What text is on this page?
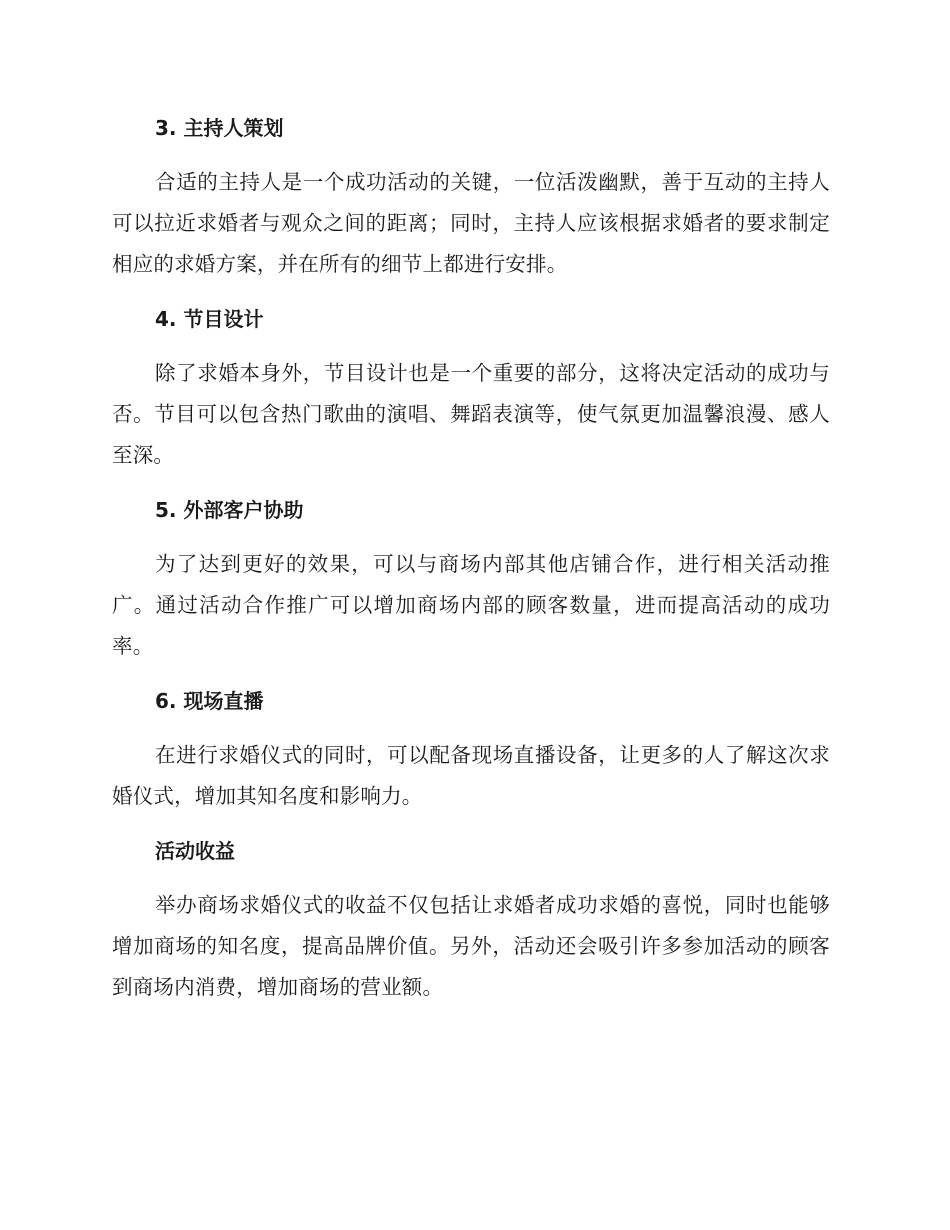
3. 主持人策划

合适的主持人是一个成功活动的关键，一位活泼幽默，善于互动的主持人可以拉近求婚者与观众之间的距离；同时，主持人应该根据求婚者的要求制定相应的求婚方案，并在所有的细节上都进行安排。

4. 节目设计

除了求婚本身外，节目设计也是一个重要的部分，这将决定活动的成功与否。节目可以包含热门歌曲的演唱、舞蹈表演等，使气氛更加温馨浪漫、感人至深。

5. 外部客户协助

为了达到更好的效果，可以与商场内部其他店铺合作，进行相关活动推广。通过活动合作推广可以增加商场内部的顾客数量，进而提高活动的成功率。

6. 现场直播

在进行求婚仪式的同时，可以配备现场直播设备，让更多的人了解这次求婚仪式，增加其知名度和影响力。

活动收益

举办商场求婚仪式的收益不仅包括让求婚者成功求婚的喜悦，同时也能够增加商场的知名度，提高品牌价值。另外，活动还会吸引许多参加活动的顾客到商场内消费，增加商场的营业额。
